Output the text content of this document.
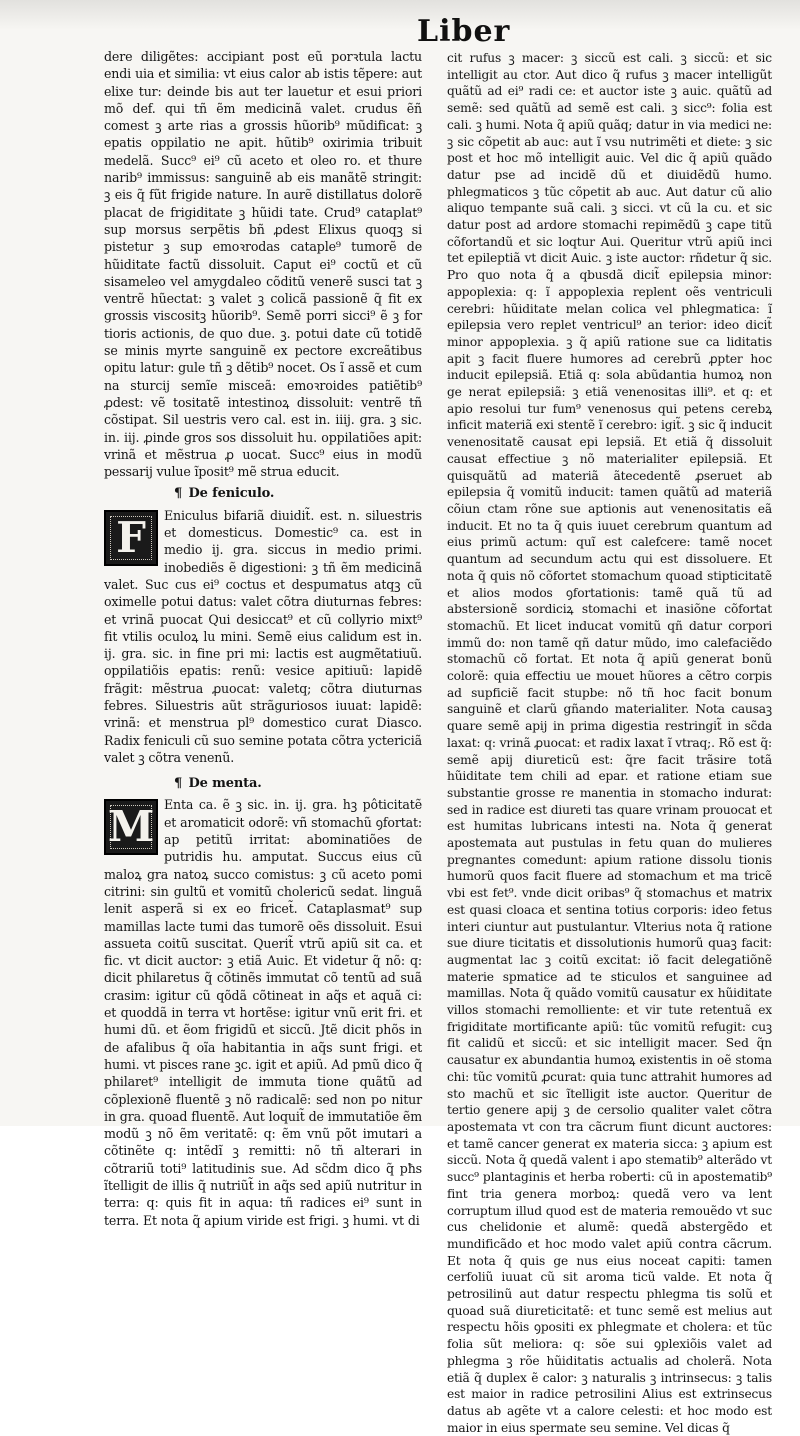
Liber

dere diligẽtes: accipiant post eũ porꝛtula lactu endi uia et similia: vt eius calor ab istis tẽpere: aut elixe tur: deinde bis aut ter lauetur et esui priori mõ def. qui tñ ẽm medicinã valet. crudus ẽñ comest ꝫ arte rias a grossis hũorib⁹ mũdificat: ꝫ epatis oppilatio ne apit. hũtib⁹ oxirimia tribuit medelã. Succ⁹ ei⁹ cũ aceto et oleo ro. et thure narib⁹ immissus: sanguinẽ ab eis manãtẽ stringit: ꝫ eis q̃ fũt frigide nature. In aurẽ distillatus dolorẽ placat de frigiditate ꝫ hũidi tate. Crud⁹ cataplat⁹ sup morsus serpẽtis bñ ꝓdest Elixus quoqꝫ si pistetur ꝫ sup emoꝛrodas cataple⁹ tumorẽ de hũiditate factũ dissoluit. Caput ei⁹ coctũ et cũ sisameleo vel amygdaleo cõditũ venerẽ susci tat ꝫ ventrẽ hũectat: ꝫ valet ꝫ colicã passionẽ q̃ fit ex grossis viscositꝫ hũorib⁹. Semẽ porri sicci⁹ ẽ ꝫ for tioris actionis, de quo due. ꝫ. potui date cũ totidẽ se minis myrte sanguinẽ ex pectore excreãtibus opitu latur: gule tñ ꝫ dẽtib⁹ nocet. Os ĩ assẽ et cum na sturcij semĩe misceã: emoꝛroides patiẽtib⁹ ꝓdest: vẽ tositatẽ intestinoꝝ dissoluit: ventrẽ tñ cõstipat. Sil uestris vero cal. est in. iiij. gra. ꝫ sic. in. iij. ꝓinde gros sos dissoluit hu. oppilatiões apit: vrinã et mẽstrua ꝓ uocat. Succ⁹ eius in modũ pessarij vulue ĩposit⁹ mẽ strua educit.

¶ De feniculo.

F	Eniculus bifariã diuidit̃. est. n. siluestris et domesticus. Domestic⁹ ca. est in medio ij. gra. siccus in medio primi. inobediẽs ẽ digestioni: ꝫ tñ ẽm medicinã valet. Suc cus ei⁹ coctus et despumatus atqꝫ cũ oximelle potui datus: valet cõtra diuturnas febres: et vrinã puocat Qui desiccat⁹ et cũ collyrio mixt⁹ fit vtilis oculoꝝ lu mini. Semẽ eius calidum est in. ij. gra. sic. in fine pri mi: lactis est augmẽtatiuũ. oppilatiõis epatis: renũ: vesice apitiuũ: lapidẽ frãgit: mẽstrua ꝓuocat: valetq; cõtra diuturnas febres. Siluestris aũt strãguriosos iuuat: lapidẽ: vrinã: et menstrua pl⁹ domestico curat Diasco. Radix feniculi cũ suo semine potata cõtra yctericiã valet ꝫ cõtra venenũ.

¶ De menta.

M Enta ca. ẽ ꝫ sic. in. ij. gra. hꝫ pôticitatẽ et aromaticit odorẽ: vñ stomachũ ꝯfortat: ap petitũ irritat: abominatiões de putridis hu. amputat. Succus eius cũ maloꝝ gra natoꝝ succo comistus: ꝫ cũ aceto pomi citrini: sin gultũ et vomitũ cholericũ sedat. linguã lenit asperã si ex eo fricet̃. Cataplasmat⁹ sup mamillas lacte tumi das tumorẽ oẽs dissoluit. Esui assueta coitũ suscitat. Querit̃ vtrũ apiũ sit ca. et fic. vt dicit auctor: ꝫ etiã Auic. Et videtur q̃ nõ: q: dicit philaretus q̃ cõtinẽs immutat cõ tentũ ad suã crasim: igitur cũ qõdã cõtineat in aq̃s et aquã ci: et quoddã in terra vt hortẽse: igitur vnũ erit fri. et humi dũ. et ẽom frigidũ et siccũ. Jtẽ dicit phõs in de afalibus q̃ oĩa habitantia in aq̃s sunt frigi. et humi. vt pisces rane ꝫc. igit et apiũ. Ad pmũ dico q̃ philaret⁹ intelligit de immuta tione quãtũ ad cõplexionẽ fluentẽ ꝫ nõ radicalẽ: sed non po nitur in gra. quoad fluentẽ. Aut loquit̃ de immutatiõe ẽm modũ ꝫ nõ ẽm veritatẽ: q: ẽm vnũ põt imutari a cõtinẽte q: intẽdĩ ꝫ remitti: nõ tñ alterari in cõtrariũ toti⁹ latitudinis sue. Ad sc̃dm dico q̃ pħs ĩtelligit de illis q̃ nutriũt̃ in aq̃s sed apiũ nutritur in terra: q: quis fit in aqua: tñ radices ei⁹ sunt in terra. Et nota q̃ apium viride est frigi. ꝫ humi. vt di

cit rufus ꝫ macer: ꝫ siccũ est cali. ꝫ siccũ: et sic intelligit au ctor. Aut dico q̃ rufus ꝫ macer intelligũt quãtũ ad ei⁹ radi ce: et auctor iste ꝫ auic. quãtũ ad semẽ: sed quãtũ ad semẽ est cali. ꝫ sicc⁹: folia est cali. ꝫ humi. Nota q̃ apiũ quãq; datur in via medici ne: ꝫ sic cõpetit ab auc: aut ĩ vsu nutrimẽti et diete: ꝫ sic post et hoc mõ intelligit auic. Vel dic q̃ apiũ quãdo datur pse ad incidẽ dũ et diuidẽdũ humo. phlegmaticos ꝫ tũc cõpetit ab auc. Aut datur cũ alio aliquo tempante suã cali. ꝫ sicci. vt cũ la cu. et sic datur post ad ardore stomachi repimẽdũ ꝫ cape titũ cõfortandũ et sic loqtur Aui. Queritur vtrũ apiũ inci tet epileptiã vt dicit Auic. ꝫ iste auctor: rñdetur q̃ sic. Pro quo nota q̃ a qbusdã dicit̃ epilepsia minor: appoplexia: q: ĩ appoplexia replent oẽs ventriculi cerebri: hũiditate melan colica vel phlegmatica: ĩ epilepsia vero replet ventricul⁹ an terior: ideo dicit̃ minor appoplexia. ꝫ q̃ apiũ ratione sue ca liditatis apit ꝫ facit fluere humores ad cerebrũ ꝓpter hoc inducit epilepsiã. Etiã q: sola abũdantia humoꝝ non ge nerat epilepsiã: ꝫ etiã venenositas illi⁹. et q: et apio resolui tur fum⁹ venenosus qui petens cerebꝝ inficit materiã exi stentẽ ĩ cerebro: igit̃. ꝫ sic q̃ inducit venenositatẽ causat epi lepsiã. Et etiã q̃ dissoluit causat effectiue ꝫ nõ materialiter epilepsiã. Et quisquãtũ ad materiã ãtecedentẽ ꝓseruet ab epilepsia q̃ vomitũ inducit: tamen quãtũ ad materiã cõiun ctam rõne sue aptionis aut venenositatis eã inducit. Et no ta q̃ quis iuuet cerebrum quantum ad eius primũ actum: quĩ est calefcere: tamẽ nocet quantum ad secundum actu qui est dissoluere. Et nota q̃ quis nõ cõfortet stomachum quoad stipticitatẽ et alios modos ꝯfortationis: tamẽ quã tũ ad abstersionẽ sordiciꝝ stomachi et inasiõne cõfortat stomachũ. Et licet inducat vomitũ qñ datur corpori immũ do: non tamẽ qñ datur mũdo, imo calefaciẽdo stomachũ cõ fortat. Et nota q̃ apiũ generat bonũ colorẽ: quia effectiu ue mouet hũores a cẽtro corpis ad supficiẽ facit stupbe: nõ tñ hoc facit bonum sanguinẽ et clarũ gñando materialiter. Nota causaꝫ quare semẽ apij in prima digestia restringit̃ in sc̃da laxat: q: vrinã ꝓuocat: et radix laxat ĩ vtraq;. Rõ est q̃: semẽ apij diureticũ est: q̃re facit trãsire totã hũiditate tem chili ad epar. et ratione etiam sue substantie grosse re manentia in stomacho indurat: sed in radice est diureti tas quare vrinam prouocat et est humitas lubricans intesti na. Nota q̃ generat apostemata aut pustulas in fetu quan do mulieres pregnantes comedunt: apium ratione dissolu tionis humorũ quos facit fluere ad stomachum et ma tricẽ vbi est fet⁹. vnde dicit oribas⁹ q̃ stomachus et matrix est quasi cloaca et sentina totius corporis: ideo fetus interi ciuntur aut pustulantur. Vlterius nota q̃ ratione sue diure ticitatis et dissolutionis humorũ quaꝫ facit: augmentat lac ꝫ coitũ excitat: iõ facit delegatiõnẽ materie spmatice ad te sticulos et sanguinee ad mamillas. Nota q̃ quãdo vomitũ causatur ex hũiditate villos stomachi remolliente: et vir tute retentuã ex frigiditate mortificante apiũ: tũc vomitũ refugit: cuꝫ fit calidũ et siccũ: et sic intelligit macer. Sed q̃n causatur ex abundantia humoꝝ existentis in oẽ stoma chi: tũc vomitũ ꝓcurat: quia tunc attrahit humores ad sto machũ et sic ĩtelligit iste auctor. Queritur de tertio genere apij ꝫ de cersolio qualiter valet cõtra apostemata vt con tra cãcrum fiunt dicunt auctores: et tamẽ cancer generat ex materia sicca: ꝫ apium est siccũ. Nota q̃ quedã valent i apo stematib⁹ alterãdo vt succ⁹ plantaginis et herba roberti: cũ in apostematib⁹ fint tria genera morboꝝ: quedã vero va lent corruptum illud quod est de materia remouẽdo vt suc cus chelidonie et alumẽ: quedã abstergẽdo et mundificãdo et hoc modo valet apiũ contra cãcrum. Et nota q̃ quis ge nus eius noceat capiti: tamen cerfoliũ iuuat cũ sit aroma ticũ valde. Et nota q̃ petrosilinũ aut datur respectu phlegma tis solũ et quoad suã diureticitatẽ: et tunc semẽ est melius aut respectu hõis ꝯpositi ex phlegmate et cholera: et tũc folia sũt meliora: q: sõe sui ꝯplexiõis valet ad phlegma ꝫ rõe hũiditatis actualis ad cholerã. Nota etiã q̃ duplex ẽ calor: ꝫ naturalis ꝫ intrinsecus: ꝫ talis est maior in radice petrosilini Alius est extrinsecus datus ab agẽte vt a calore celesti: et hoc modo est maior in eius spermate seu semine. Vel dicas q̃
